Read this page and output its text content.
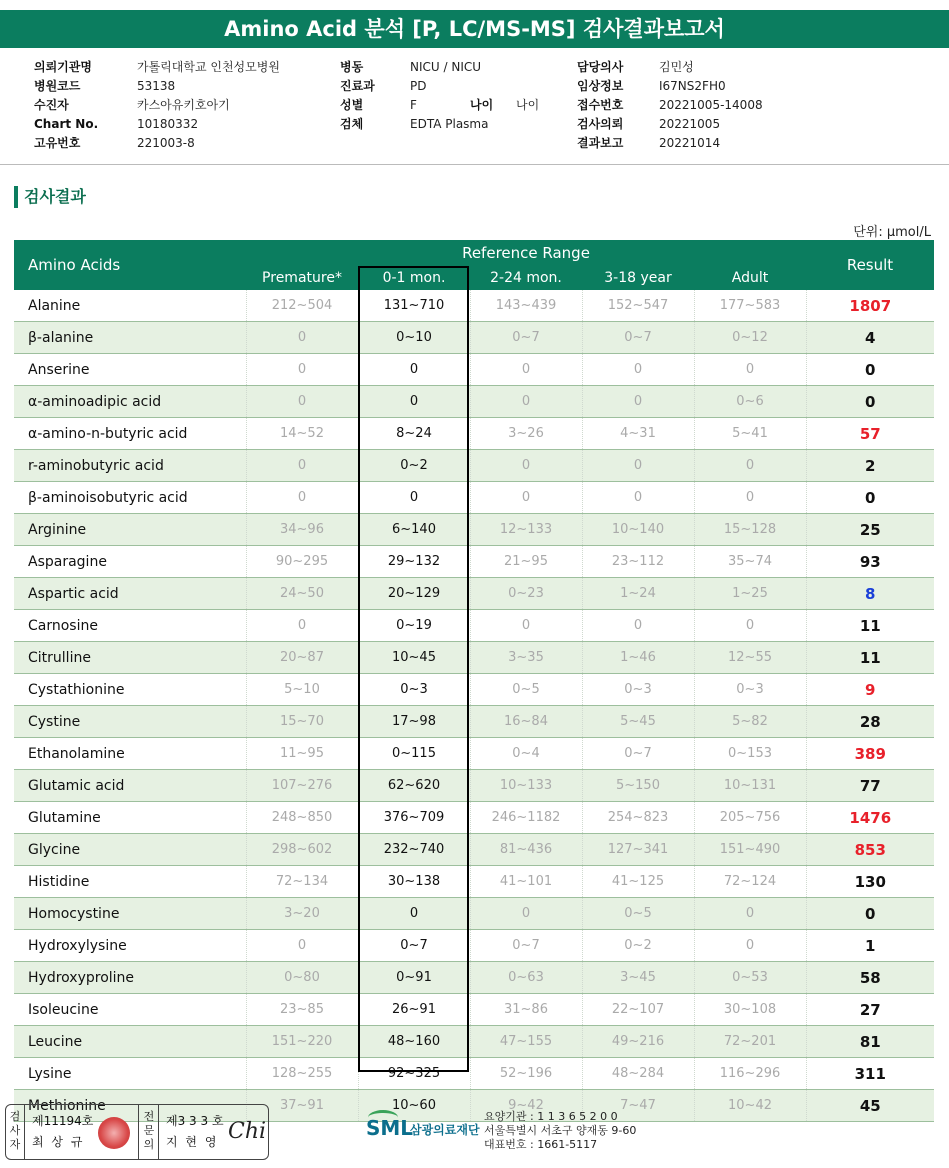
Amino Acid 분석 [P, LC/MS-MS] 검사결과보고서
의뢰기관명	가톨릭대학교 인천성모병원
병원코드	53138
수진자	카스아유키호아기
Chart No.	10180332
고유번호	221003-8
병동	NICU / NICU
진료과	PD
성별	F	나이 나이
검체	EDTA Plasma
담당의사	김민성
임상정보	I67NS2FH0
접수번호	20221005-14008
검사의뢰	20221005
결과보고	20221014
검사결과
단위: μmol/L
Amino Acids	Reference Range					Result
	Premature*	0-1 mon.	2-24 mon.	3-18 year	Adult	
Alanine	212~504	131~710	143~439	152~547	177~583	1807
β-alanine	0	0~10	0~7	0~7	0~12	4
Anserine	0	0	0	0	0	0
α-aminoadipic acid	0	0	0	0	0~6	0
α-amino-n-butyric acid	14~52	8~24	3~26	4~31	5~41	57
r-aminobutyric acid	0	0~2	0	0	0	2
β-aminoisobutyric acid	0	0	0	0	0	0
Arginine	34~96	6~140	12~133	10~140	15~128	25
Asparagine	90~295	29~132	21~95	23~112	35~74	93
Aspartic acid	24~50	20~129	0~23	1~24	1~25	8
Carnosine	0	0~19	0	0	0	11
Citrulline	20~87	10~45	3~35	1~46	12~55	11
Cystathionine	5~10	0~3	0~5	0~3	0~3	9
Cystine	15~70	17~98	16~84	5~45	5~82	28
Ethanolamine	11~95	0~115	0~4	0~7	0~153	389
Glutamic acid	107~276	62~620	10~133	5~150	10~131	77
Glutamine	248~850	376~709	246~1182	254~823	205~756	1476
Glycine	298~602	232~740	81~436	127~341	151~490	853
Histidine	72~134	30~138	41~101	41~125	72~124	130
Homocystine	3~20	0	0	0~5	0	0
Hydroxylysine	0	0~7	0~7	0~2	0	1
Hydroxyproline	0~80	0~91	0~63	3~45	0~53	58
Isoleucine	23~85	26~91	31~86	22~107	30~108	27
Leucine	151~220	48~160	47~155	49~216	72~201	81
Lysine	128~255	92~325	52~196	48~284	116~296	311
Methionine	37~91	10~60	9~42	7~47	10~42	45
검사자
제11194호
최 상 규
전문의
제3 3 3 호
지 현 영 Chi	SML
삼광의료재단
요양기관 : 1 1 3 6 5 2 0 0
서울특별시 서초구 양재동 9-60
대표번호 : 1661-5117
